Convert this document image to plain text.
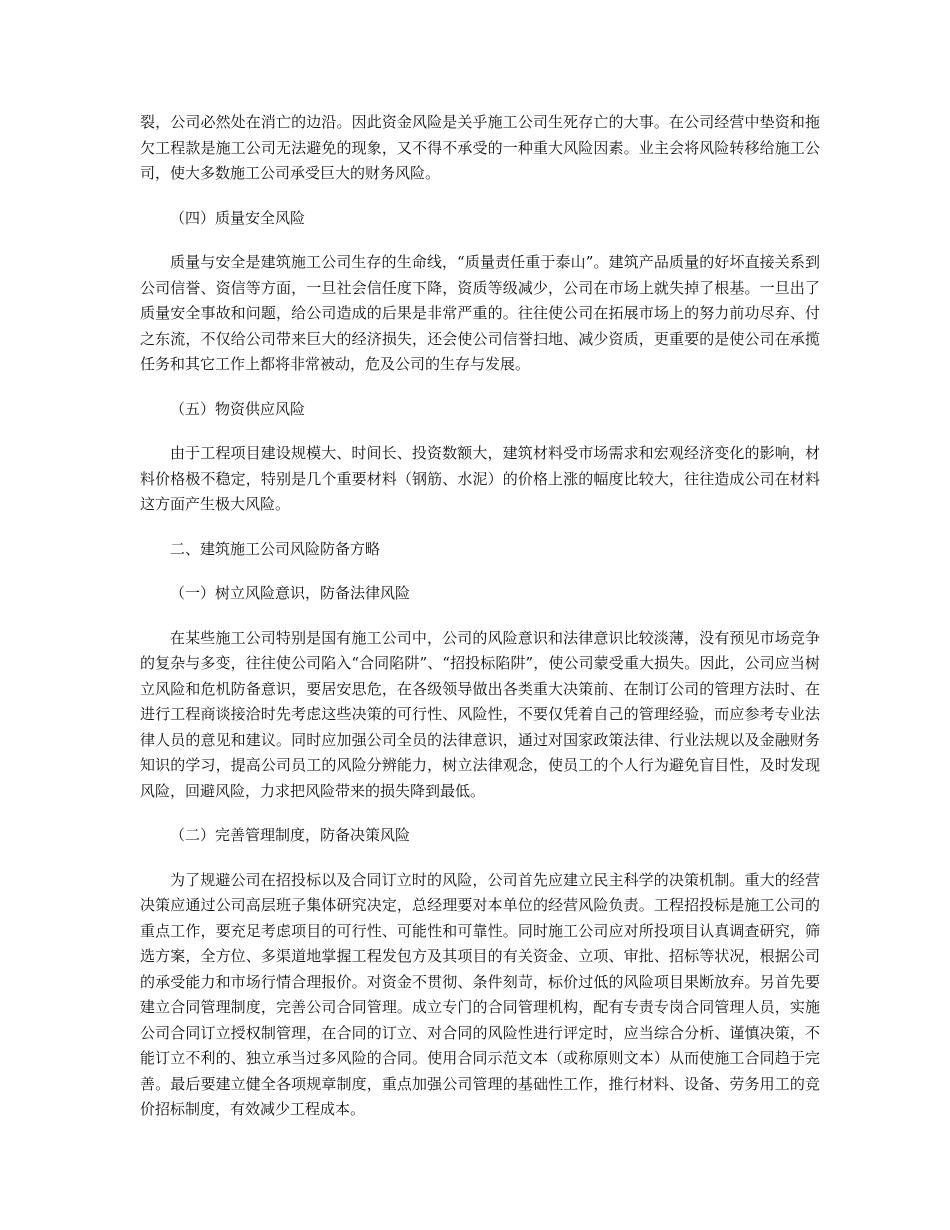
裂，公司必然处在消亡的边沿。因此资金风险是关乎施工公司生死存亡的大事。在公司经营中垫资和拖欠工程款是施工公司无法避免的现象，又不得不承受的一种重大风险因素。业主会将风险转移给施工公司，使大多数施工公司承受巨大的财务风险。

（四）质量安全风险

质量与安全是建筑施工公司生存的生命线，“质量责任重于泰山”。建筑产品质量的好坏直接关系到公司信誉、资信等方面，一旦社会信任度下降，资质等级减少，公司在市场上就失掉了根基。一旦出了质量安全事故和问题，给公司造成的后果是非常严重的。往往使公司在拓展市场上的努力前功尽弃、付之东流，不仅给公司带来巨大的经济损失，还会使公司信誉扫地、减少资质，更重要的是使公司在承揽任务和其它工作上都将非常被动，危及公司的生存与发展。

（五）物资供应风险

由于工程项目建设规模大、时间长、投资数额大，建筑材料受市场需求和宏观经济变化的影响，材料价格极不稳定，特别是几个重要材料（钢筋、水泥）的价格上涨的幅度比较大，往往造成公司在材料这方面产生极大风险。

二、建筑施工公司风险防备方略

（一）树立风险意识，防备法律风险

在某些施工公司特别是国有施工公司中，公司的风险意识和法律意识比较淡薄，没有预见市场竞争的复杂与多变，往往使公司陷入“合同陷阱”、“招投标陷阱”，使公司蒙受重大损失。因此，公司应当树立风险和危机防备意识，要居安思危，在各级领导做出各类重大决策前、在制订公司的管理方法时、在进行工程商谈接洽时先考虑这些决策的可行性、风险性，不要仅凭着自己的管理经验，而应参考专业法律人员的意见和建议。同时应加强公司全员的法律意识，通过对国家政策法律、行业法规以及金融财务知识的学习，提高公司员工的风险分辨能力，树立法律观念，使员工的个人行为避免盲目性，及时发现风险，回避风险，力求把风险带来的损失降到最低。

（二）完善管理制度，防备决策风险

为了规避公司在招投标以及合同订立时的风险，公司首先应建立民主科学的决策机制。重大的经营决策应通过公司高层班子集体研究决定，总经理要对本单位的经营风险负责。工程招投标是施工公司的重点工作，要充足考虑项目的可行性、可能性和可靠性。同时施工公司应对所投项目认真调查研究，筛选方案，全方位、多渠道地掌握工程发包方及其项目的有关资金、立项、审批、招标等状况，根据公司的承受能力和市场行情合理报价。对资金不贯彻、条件刻苛，标价过低的风险项目果断放弃。另首先要建立合同管理制度，完善公司合同管理。成立专门的合同管理机构，配有专责专岗合同管理人员，实施公司合同订立授权制管理，在合同的订立、对合同的风险性进行评定时，应当综合分析、谨慎决策，不能订立不利的、独立承当过多风险的合同。使用合同示范文本（或称原则文本）从而使施工合同趋于完善。最后要建立健全各项规章制度，重点加强公司管理的基础性工作，推行材料、设备、劳务用工的竞价招标制度，有效减少工程成本。
